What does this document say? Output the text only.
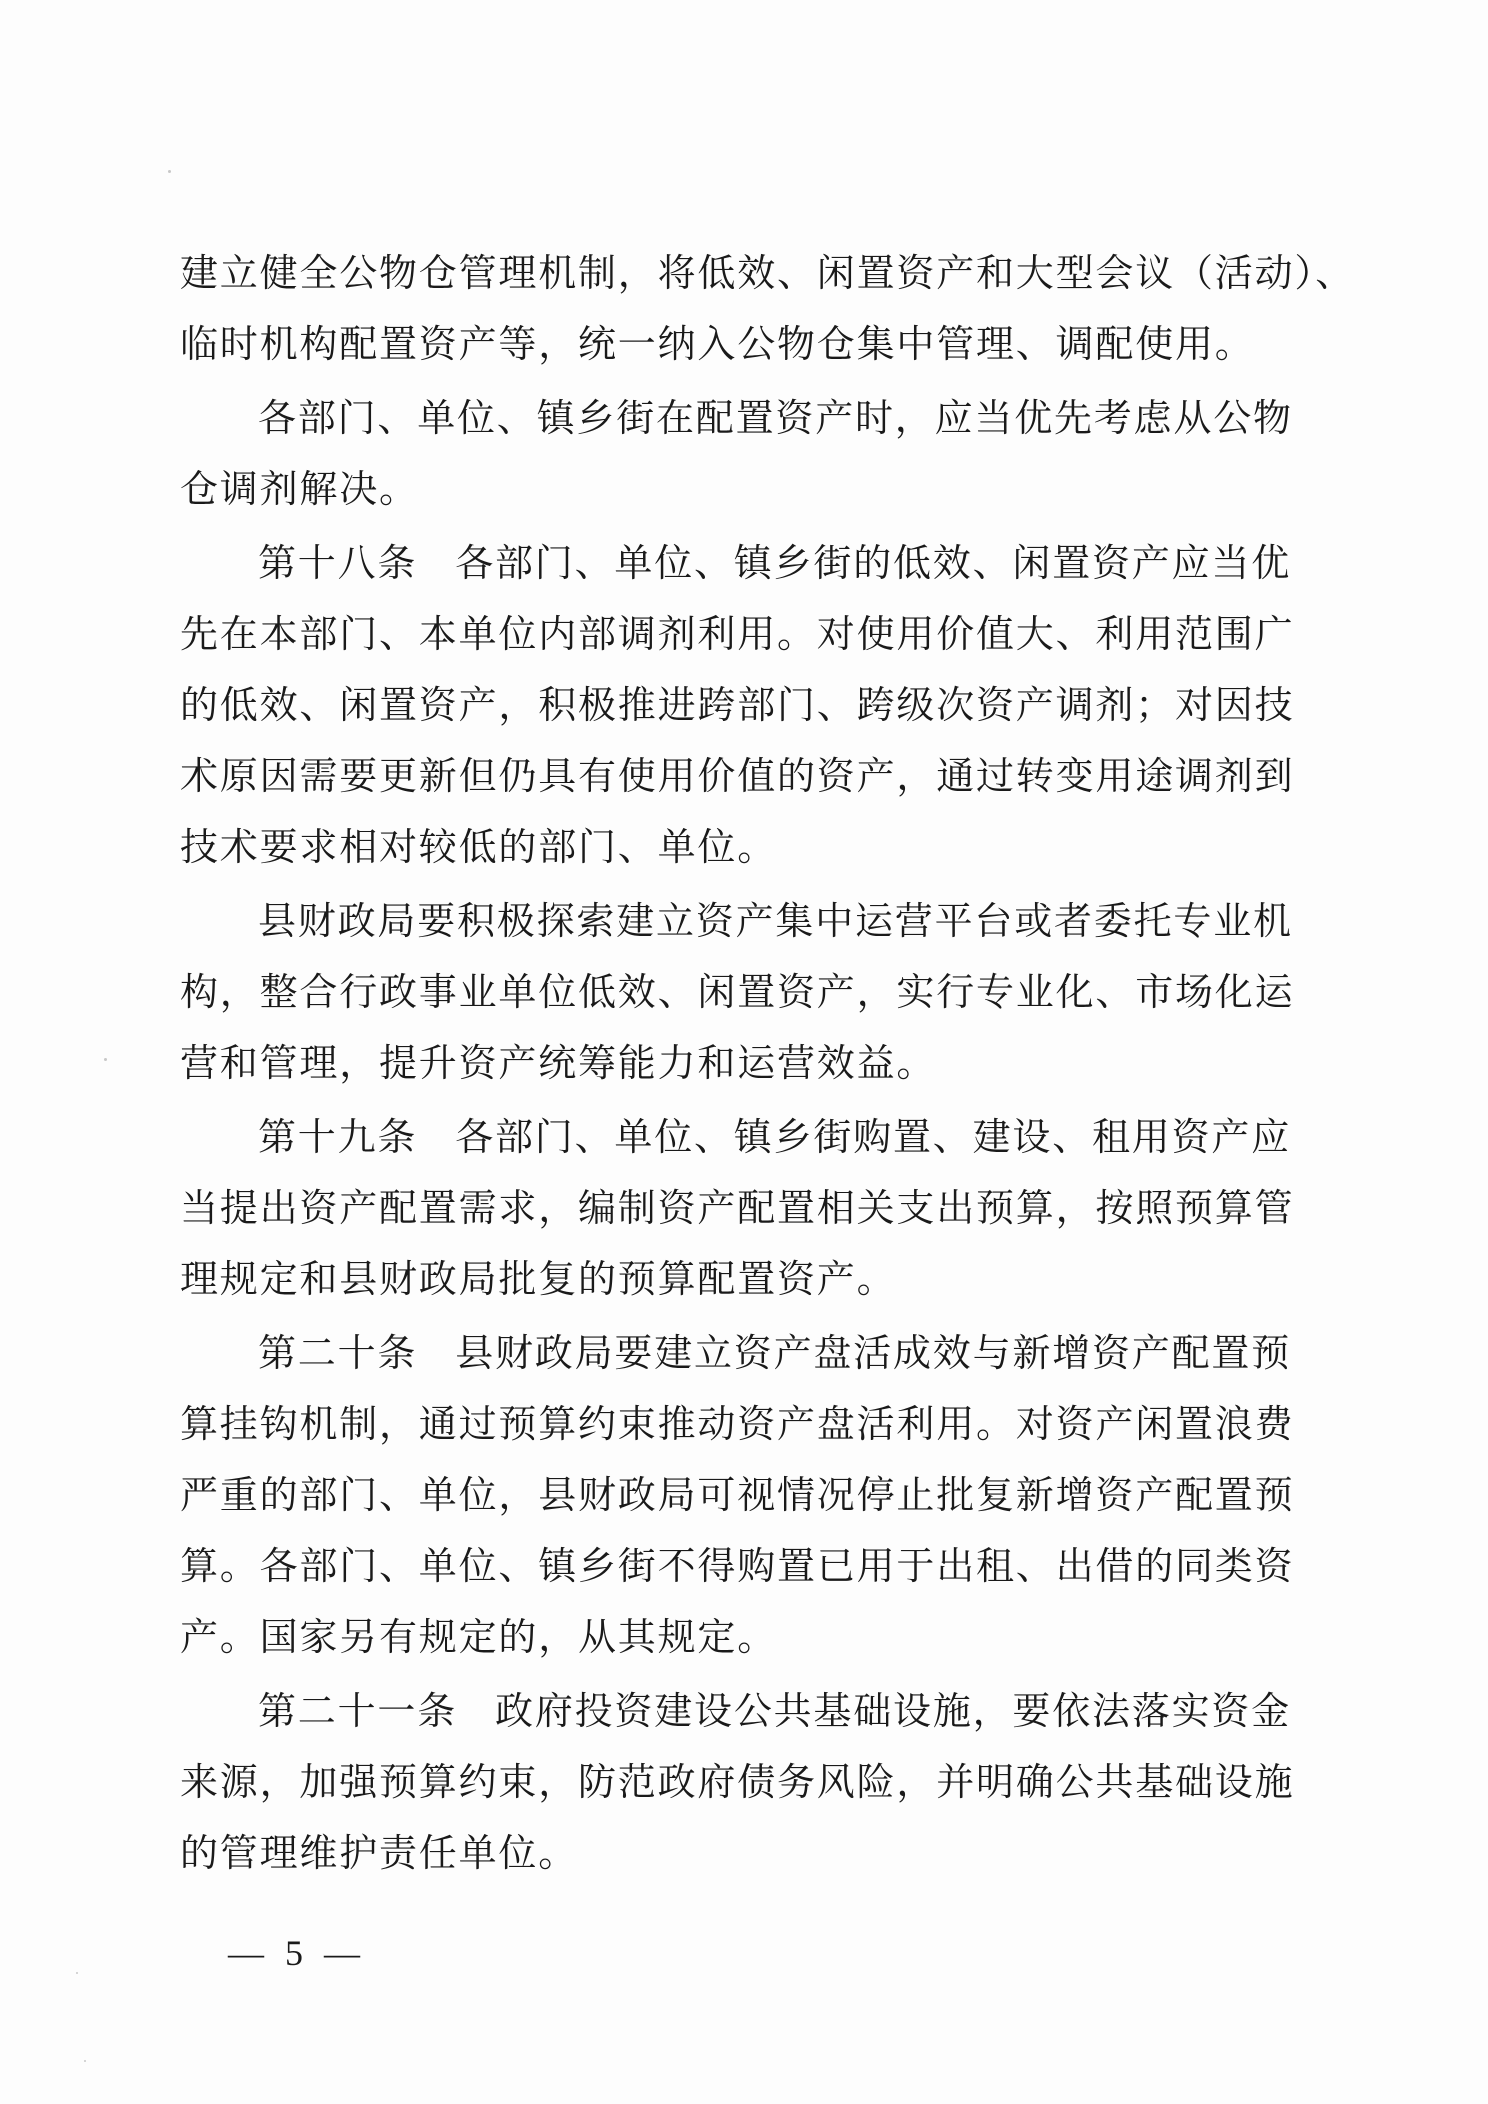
建立健全公物仓管理机制，将低效、闲置资产和大型会议（活动）、
临时机构配置资产等，统一纳入公物仓集中管理、调配使用。
各部门、单位、镇乡街在配置资产时，应当优先考虑从公物
仓调剂解决。
第十八条 各部门、单位、镇乡街的低效、闲置资产应当优
先在本部门、本单位内部调剂利用。对使用价值大、利用范围广
的低效、闲置资产，积极推进跨部门、跨级次资产调剂；对因技
术原因需要更新但仍具有使用价值的资产，通过转变用途调剂到
技术要求相对较低的部门、单位。
县财政局要积极探索建立资产集中运营平台或者委托专业机
构，整合行政事业单位低效、闲置资产，实行专业化、市场化运
营和管理，提升资产统筹能力和运营效益。
第十九条 各部门、单位、镇乡街购置、建设、租用资产应
当提出资产配置需求，编制资产配置相关支出预算，按照预算管
理规定和县财政局批复的预算配置资产。
第二十条 县财政局要建立资产盘活成效与新增资产配置预
算挂钩机制，通过预算约束推动资产盘活利用。对资产闲置浪费
严重的部门、单位，县财政局可视情况停止批复新增资产配置预
算。各部门、单位、镇乡街不得购置已用于出租、出借的同类资
产。国家另有规定的，从其规定。
第二十一条 政府投资建设公共基础设施，要依法落实资金
来源，加强预算约束，防范政府债务风险，并明确公共基础设施
的管理维护责任单位。
— 5 —
